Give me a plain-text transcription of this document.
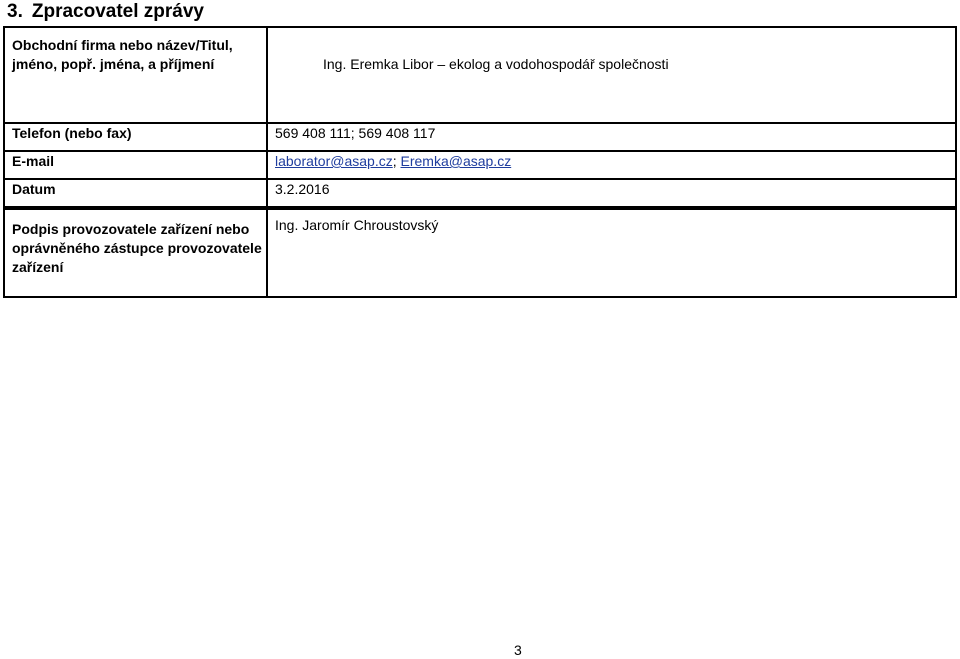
3. Zpracovatel zprávy
Obchodní firma nebo název/Titul, jméno, popř. jména, a příjmení	Ing. Eremka Libor – ekolog a vodohospodář společnosti
Telefon (nebo fax)	569 408 111; 569 408 117
E-mail	laborator@asap.cz; Eremka@asap.cz
Datum	3.2.2016
Podpis provozovatele zařízení nebo oprávněného zástupce provozovatele zařízení	Ing. Jaromír Chroustovský
3
